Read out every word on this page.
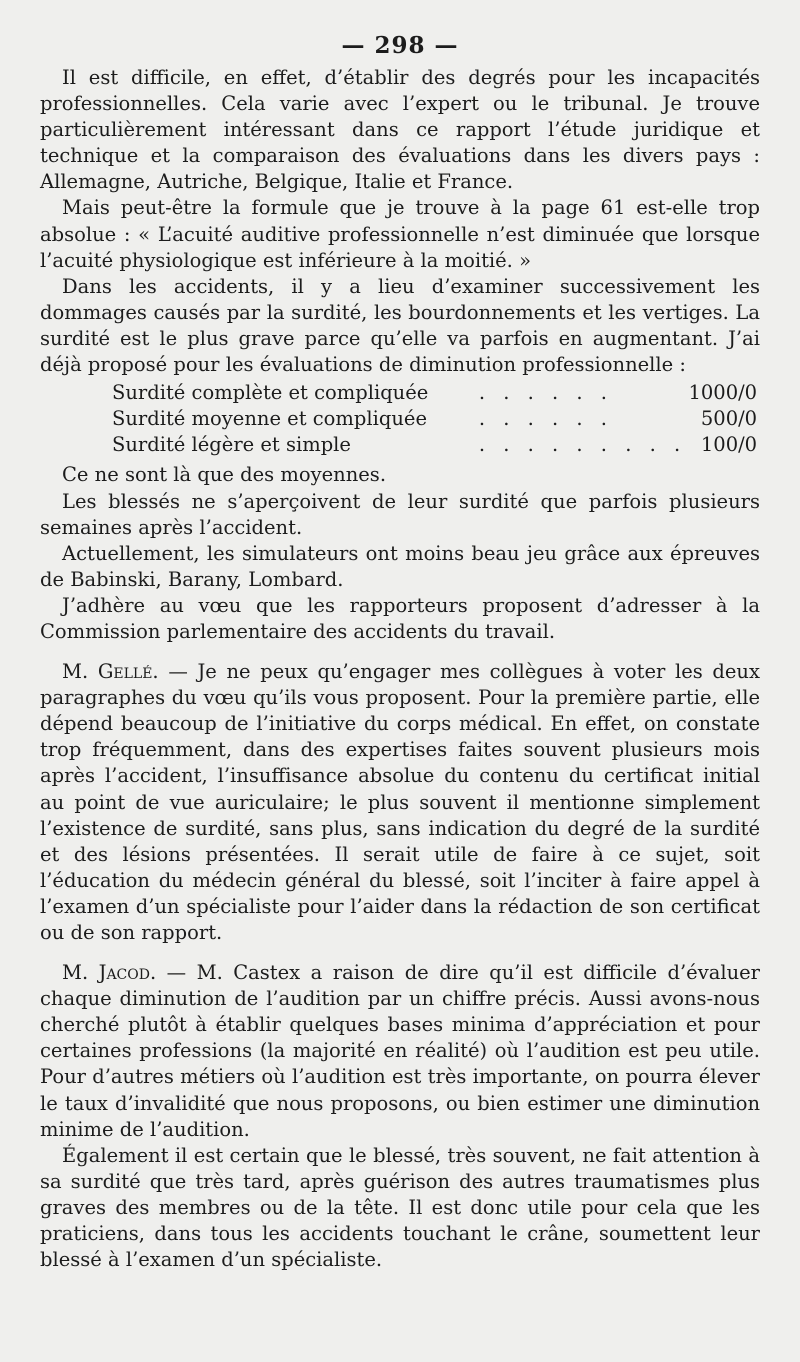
— 298 —

Il est difficile, en effet, d’établir des degrés pour les incapacités professionnelles. Cela varie avec l’expert ou le tribunal. Je trouve particulièrement intéressant dans ce rapport l’étude juridique et technique et la comparaison des évaluations dans les divers pays : Allemagne, Autriche, Belgique, Italie et France.

Mais peut-être la formule que je trouve à la page 61 est-elle trop absolue : « L’acuité auditive professionnelle n’est diminuée que lorsque l’acuité physiologique est inférieure à la moitié. »

Dans les accidents, il y a lieu d’examiner successivement les dommages causés par la surdité, les bourdonnements et les vertiges. La surdité est le plus grave parce qu’elle va parfois en augmentant. J’ai déjà proposé pour les évaluations de diminution professionnelle :

Surdité complète et compliquée	. . . . . .	100	0/0
Surdité moyenne et compliquée	. . . . . .	50	0/0
Surdité légère et simple	. . . . . . . . .	10	0/0

Ce ne sont là que des moyennes.

Les blessés ne s’aperçoivent de leur surdité que parfois plusieurs semaines après l’accident.

Actuellement, les simulateurs ont moins beau jeu grâce aux épreuves de Babinski, Barany, Lombard.

J’adhère au vœu que les rapporteurs proposent d’adresser à la Commission parlementaire des accidents du travail.

M. Gellé. — Je ne peux qu’engager mes collègues à voter les deux paragraphes du vœu qu’ils vous proposent. Pour la première partie, elle dépend beaucoup de l’initiative du corps médical. En effet, on constate trop fréquemment, dans des expertises faites souvent plusieurs mois après l’accident, l’insuffisance absolue du contenu du certificat initial au point de vue auriculaire; le plus souvent il mentionne simplement l’existence de surdité, sans plus, sans indication du degré de la surdité et des lésions présentées. Il serait utile de faire à ce sujet, soit l’éducation du médecin général du blessé, soit l’inciter à faire appel à l’examen d’un spécialiste pour l’aider dans la rédaction de son certificat ou de son rapport.

M. Jacod. — M. Castex a raison de dire qu’il est difficile d’évaluer chaque diminution de l’audition par un chiffre précis. Aussi avons-nous cherché plutôt à établir quelques bases minima d’appréciation et pour certaines professions (la majorité en réalité) où l’audition est peu utile. Pour d’autres métiers où l’audition est très importante, on pourra élever le taux d’invalidité que nous proposons, ou bien estimer une diminution minime de l’audition.

Également il est certain que le blessé, très souvent, ne fait attention à sa surdité que très tard, après guérison des autres traumatismes plus graves des membres ou de la tête. Il est donc utile pour cela que les praticiens, dans tous les accidents touchant le crâne, soumettent leur blessé à l’examen d’un spécialiste.
